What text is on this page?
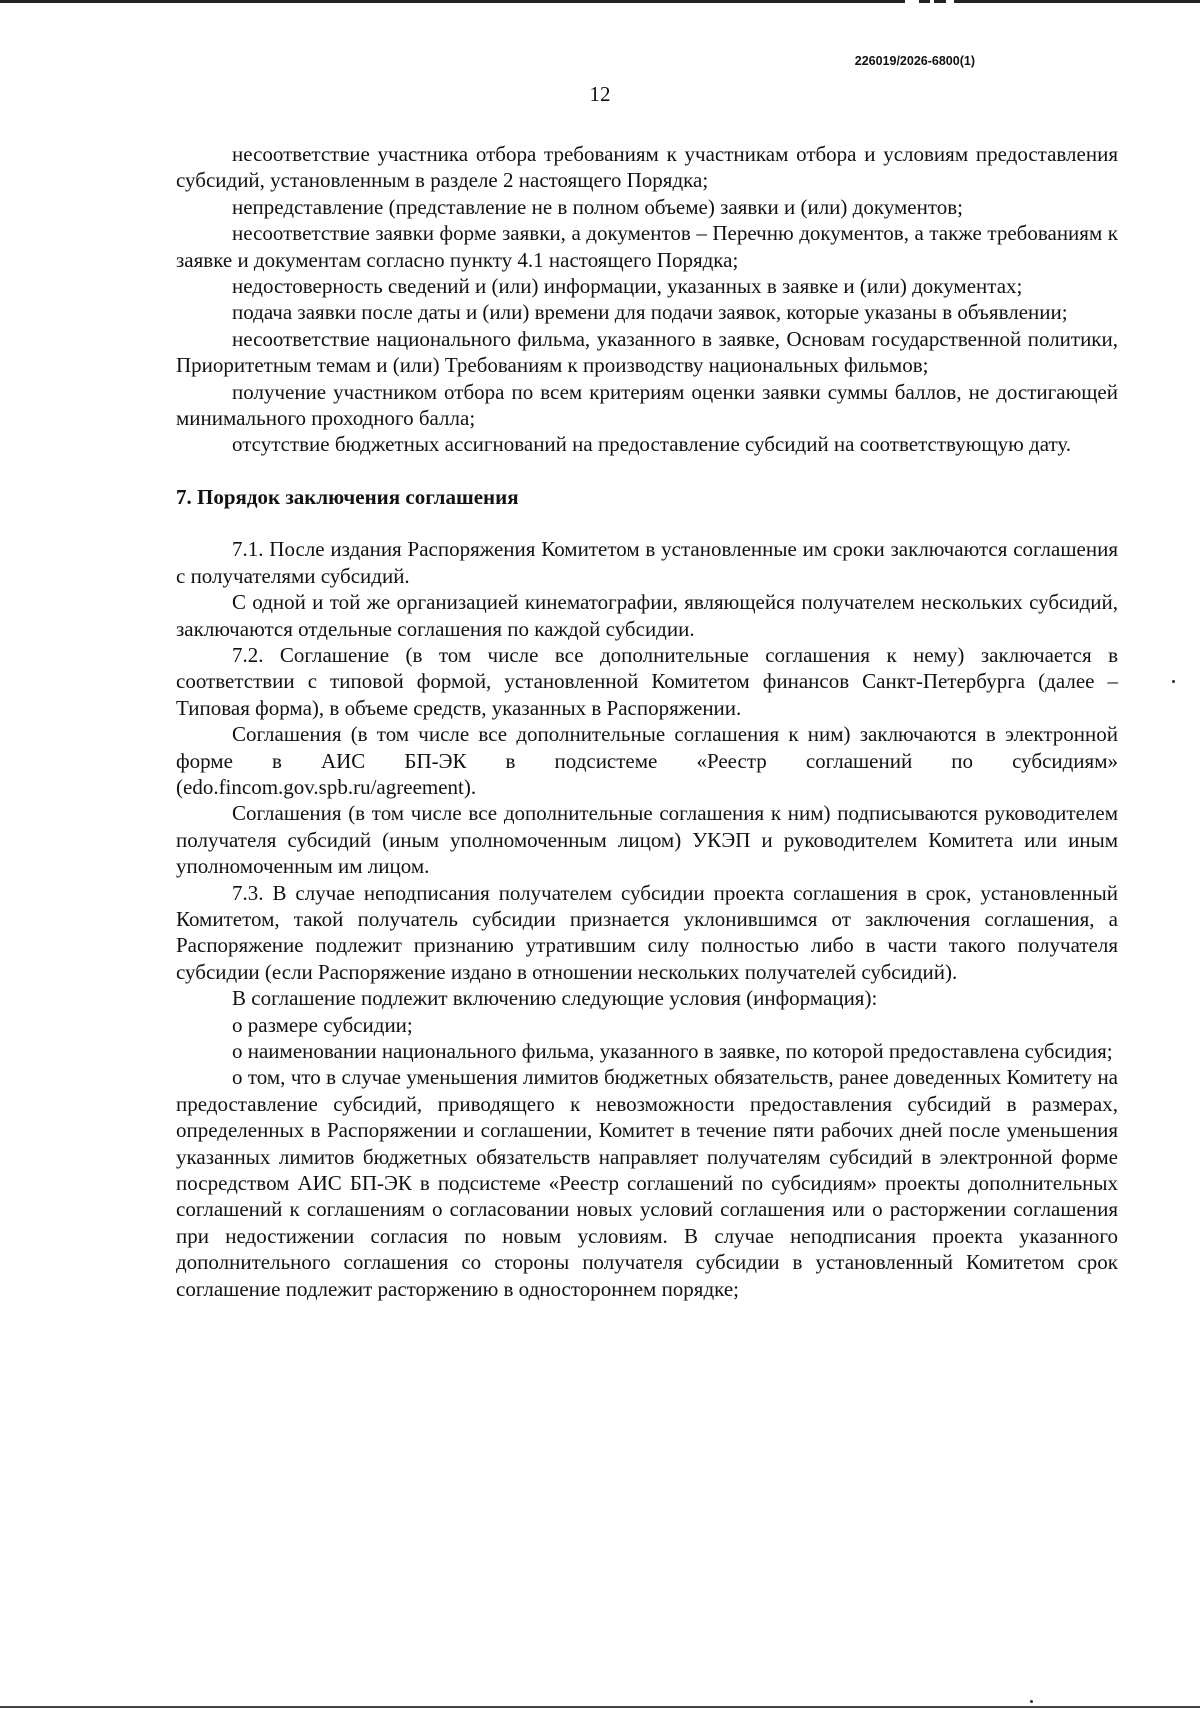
226019/2026-6800(1)
12

несоответствие участника отбора требованиям к участникам отбора и условиям предоставления субсидий, установленным в разделе 2 настоящего Порядка;

непредставление (представление не в полном объеме) заявки и (или) документов;

несоответствие заявки форме заявки, а документов – Перечню документов, а также требованиям к заявке и документам согласно пункту 4.1 настоящего Порядка;

недостоверность сведений и (или) информации, указанных в заявке и (или) документах;

подача заявки после даты и (или) времени для подачи заявок, которые указаны в объявлении;

несоответствие национального фильма, указанного в заявке, Основам государственной политики, Приоритетным темам и (или) Требованиям к производству национальных фильмов;

получение участником отбора по всем критериям оценки заявки суммы баллов, не достигающей минимального проходного балла;

отсутствие бюджетных ассигнований на предоставление субсидий на соответствующую дату.

7. Порядок заключения соглашения

7.1. После издания Распоряжения Комитетом в установленные им сроки заключаются соглашения с получателями субсидий.

С одной и той же организацией кинематографии, являющейся получателем нескольких субсидий, заключаются отдельные соглашения по каждой субсидии.

7.2. Соглашение (в том числе все дополнительные соглашения к нему) заключается в соответствии с типовой формой, установленной Комитетом финансов Санкт-Петербурга (далее – Типовая форма), в объеме средств, указанных в Распоряжении.

Соглашения (в том числе все дополнительные соглашения к ним) заключаются в электронной форме в АИС БП-ЭК в подсистеме «Реестр соглашений по субсидиям» (edo.fincom.gov.spb.ru/agreement).

Соглашения (в том числе все дополнительные соглашения к ним) подписываются руководителем получателя субсидий (иным уполномоченным лицом) УКЭП и руководителем Комитета или иным уполномоченным им лицом.

7.3. В случае неподписания получателем субсидии проекта соглашения в срок, установленный Комитетом, такой получатель субсидии признается уклонившимся от заключения соглашения, а Распоряжение подлежит признанию утратившим силу полностью либо в части такого получателя субсидии (если Распоряжение издано в отношении нескольких получателей субсидий).

В соглашение подлежит включению следующие условия (информация):

о размере субсидии;

о наименовании национального фильма, указанного в заявке, по которой предоставлена субсидия;

о том, что в случае уменьшения лимитов бюджетных обязательств, ранее доведенных Комитету на предоставление субсидий, приводящего к невозможности предоставления субсидий в размерах, определенных в Распоряжении и соглашении, Комитет в течение пяти рабочих дней после уменьшения указанных лимитов бюджетных обязательств направляет получателям субсидий в электронной форме посредством АИС БП-ЭК в подсистеме «Реестр соглашений по субсидиям» проекты дополнительных соглашений к соглашениям о согласовании новых условий соглашения или о расторжении соглашения при недостижении согласия по новым условиям. В случае неподписания проекта указанного дополнительного соглашения со стороны получателя субсидии в установленный Комитетом срок соглашение подлежит расторжению в одностороннем порядке;
